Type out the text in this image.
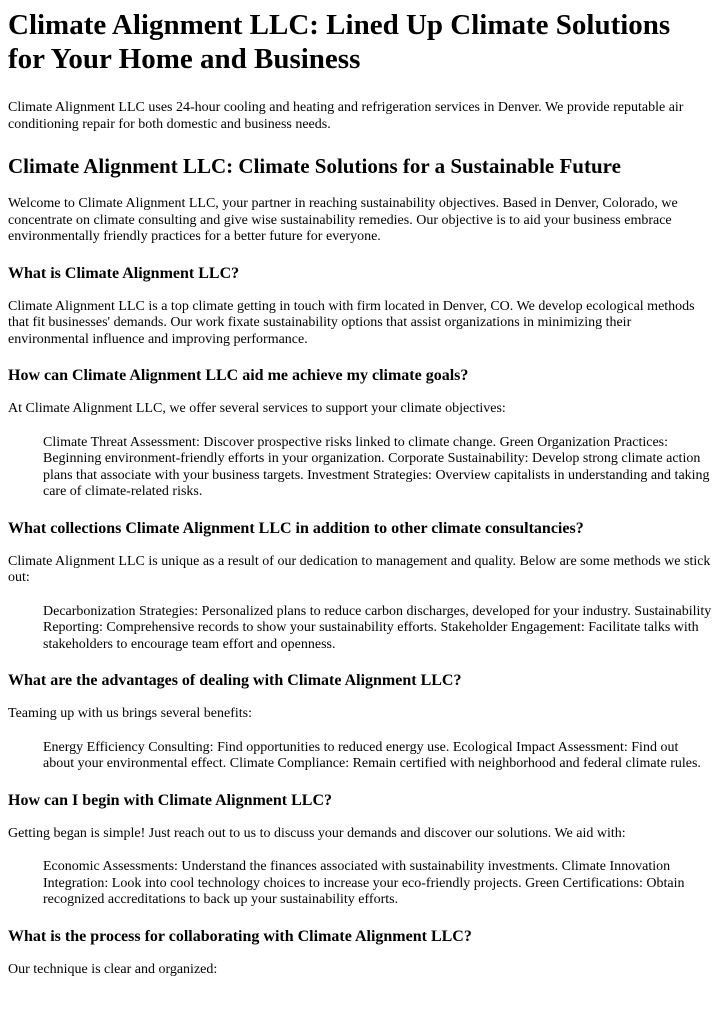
Climate Alignment LLC: Lined Up Climate Solutions for Your Home and Business

Climate Alignment LLC uses 24-hour cooling and heating and refrigeration services in Denver. We provide reputable air conditioning repair for both domestic and business needs.

Climate Alignment LLC: Climate Solutions for a Sustainable Future

Welcome to Climate Alignment LLC, your partner in reaching sustainability objectives. Based in Denver, Colorado, we concentrate on climate consulting and give wise sustainability remedies. Our objective is to aid your business embrace environmentally friendly practices for a better future for everyone.

What is Climate Alignment LLC?

Climate Alignment LLC is a top climate getting in touch with firm located in Denver, CO. We develop ecological methods that fit businesses' demands. Our work fixate sustainability options that assist organizations in minimizing their environmental influence and improving performance.

How can Climate Alignment LLC aid me achieve my climate goals?

At Climate Alignment LLC, we offer several services to support your climate objectives:

Climate Threat Assessment: Discover prospective risks linked to climate change. Green Organization Practices: Beginning environment-friendly efforts in your organization. Corporate Sustainability: Develop strong climate action plans that associate with your business targets. Investment Strategies: Overview capitalists in understanding and taking care of climate-related risks.
What collections Climate Alignment LLC in addition to other climate consultancies?

Climate Alignment LLC is unique as a result of our dedication to management and quality. Below are some methods we stick out:

Decarbonization Strategies: Personalized plans to reduce carbon discharges, developed for your industry. Sustainability Reporting: Comprehensive records to show your sustainability efforts. Stakeholder Engagement: Facilitate talks with stakeholders to encourage team effort and openness.
What are the advantages of dealing with Climate Alignment LLC?

Teaming up with us brings several benefits:

Energy Efficiency Consulting: Find opportunities to reduced energy use. Ecological Impact Assessment: Find out about your environmental effect. Climate Compliance: Remain certified with neighborhood and federal climate rules.
How can I begin with Climate Alignment LLC?

Getting began is simple! Just reach out to us to discuss your demands and discover our solutions. We aid with:

Economic Assessments: Understand the finances associated with sustainability investments. Climate Innovation Integration: Look into cool technology choices to increase your eco-friendly projects. Green Certifications: Obtain recognized accreditations to back up your sustainability efforts.
What is the process for collaborating with Climate Alignment LLC?

Our technique is clear and organized:
